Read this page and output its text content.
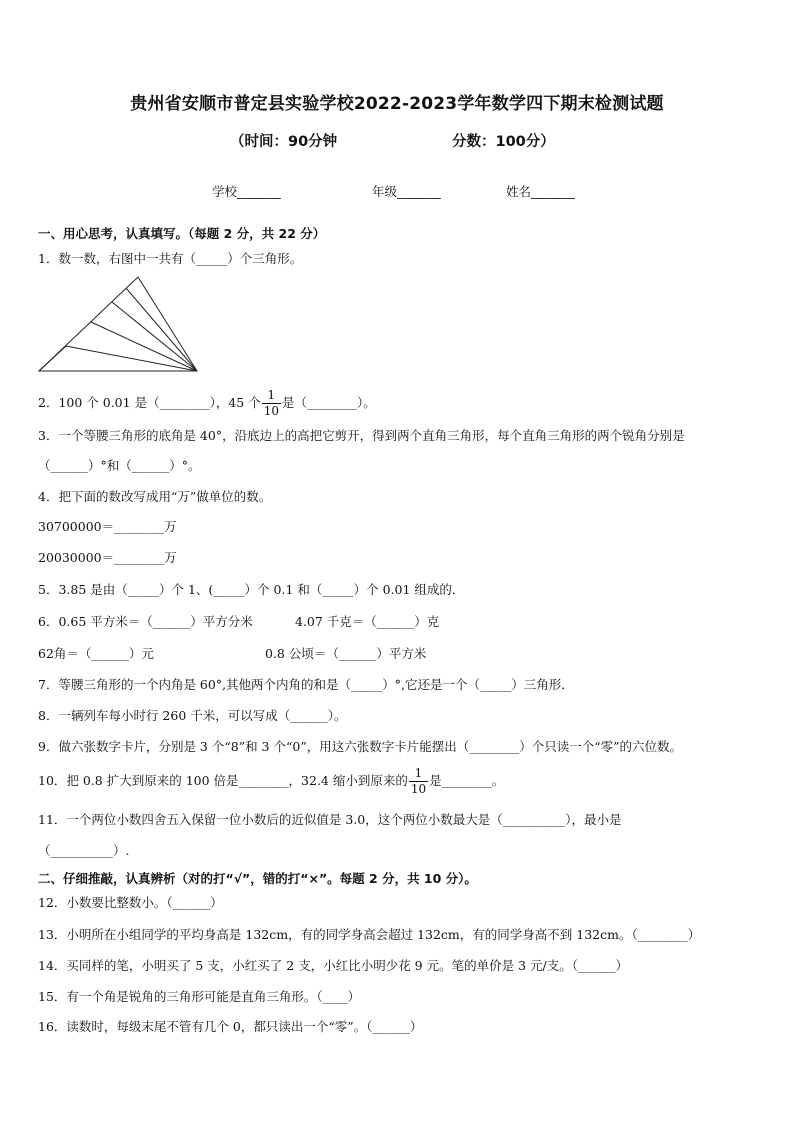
贵州省安顺市普定县实验学校2022-2023学年数学四下期末检测试题
（时间：90分钟	分数：100分）
学校_______	年级_______	姓名_______
一、用心思考，认真填写。（每题 2 分，共 22 分）
1．数一数，右图中一共有（_____）个三角形。
2．100 个 0.01 是（________），45 个 $\frac{1}{10}$ 是（________）。
3．一个等腰三角形的底角是 40°，沿底边上的高把它剪开，得到两个直角三角形，每个直角三角形的两个锐角分别是
（______）°和（______）°。
4．把下面的数改写成用“万”做单位的数。
30700000＝________万
20030000＝________万
5．3.85 是由（_____）个 1、(_____）个 0.1 和（_____）个 0.01 组成的．
6．0.65 平方米＝（______）平方分米	4.07 千克＝（______）克
62角＝（______）元	0.8 公顷＝（______）平方米
7．等腰三角形的一个内角是 60°,其他两个内角的和是（_____）°,它还是一个（_____）三角形．
8．一辆列车每小时行 260 千米，可以写成（______）。
9．做六张数字卡片，分别是 3 个“8”和 3 个“0”，用这六张数字卡片能摆出（________）个只读一个“零”的六位数。
10．把 0.8 扩大到原来的 100 倍是________，32.4 缩小到原来的 $\frac{1}{10}$ 是________。
11．一个两位小数四舍五入保留一位小数后的近似值是 3.0，这个两位小数最大是（__________），最小是
（__________）.
二、仔细推敲，认真辨析（对的打“√”，错的打“×”。每题 2 分，共 10 分）。
12．小数要比整数小。（______）
13．小明所在小组同学的平均身高是 132cm，有的同学身高会超过 132cm，有的同学身高不到 132cm。（________）
14．买同样的笔，小明买了 5 支，小红买了 2 支，小红比小明少花 9 元。笔的单价是 3 元/支。（______）
15．有一个角是锐角的三角形可能是直角三角形。（____）
16．读数时，每级末尾不管有几个 0，都只读出一个“零”。（______）
